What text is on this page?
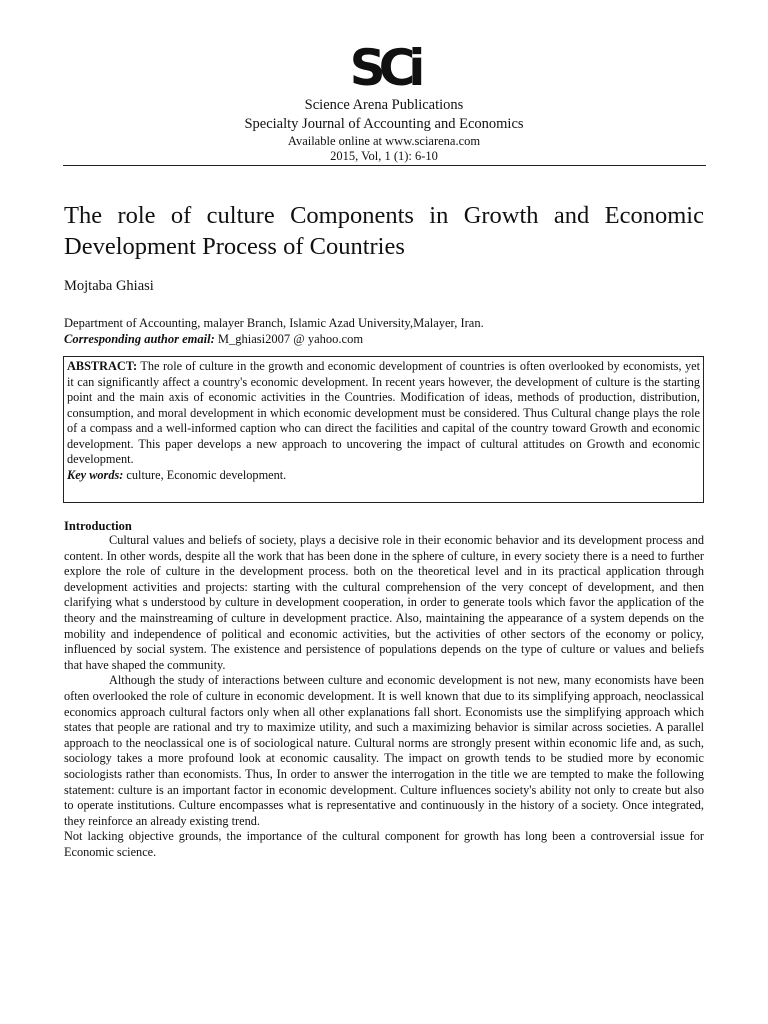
SCi
Science Arena Publications
Specialty Journal of Accounting and Economics
Available online at www.sciarena.com
2015, Vol, 1 (1): 6-10
The role of culture Components in Growth and Economic Development Process of Countries
Mojtaba Ghiasi
Department of Accounting, malayer Branch, Islamic Azad University,Malayer, Iran.
Corresponding author email: M_ghiasi2007 @ yahoo.com
ABSTRACT: The role of culture in the growth and economic development of countries is often overlooked by economists, yet it can significantly affect a country's economic development. In recent years however, the development of culture is the starting point and the main axis of economic activities in the Countries. Modification of ideas, methods of production, distribution, consumption, and moral development in which economic development must be considered. Thus Cultural change plays the role of a compass and a well-informed caption who can direct the facilities and capital of the country toward Growth and economic development. This paper develops a new approach to uncovering the impact of cultural attitudes on Growth and economic development.
Key words: culture, Economic development.
Introduction

Cultural values and beliefs of society, plays a decisive role in their economic behavior and its development process and content. In other words, despite all the work that has been done in the sphere of culture, in every society there is a need to further explore the role of culture in the development process. both on the theoretical level and in its practical application through development activities and projects: starting with the cultural comprehension of the very concept of development, and then clarifying what s understood by culture in development cooperation, in order to generate tools which favor the application of the theory and the mainstreaming of culture in development practice. Also, maintaining the appearance of a system depends on the mobility and independence of political and economic activities, but the activities of other sectors of the economy or policy, influenced by social system. The existence and persistence of populations depends on the type of culture or values and beliefs that have shaped the community.

Although the study of interactions between culture and economic development is not new, many economists have been often overlooked the role of culture in economic development. It is well known that due to its simplifying approach, neoclassical economics approach cultural factors only when all other explanations fall short. Economists use the simplifying approach which states that people are rational and try to maximize utility, and such a maximizing behavior is similar across societies. A parallel approach to the neoclassical one is of sociological nature. Cultural norms are strongly present within economic life and, as such, sociology takes a more profound look at economic causality. The impact on growth tends to be studied more by economic sociologists rather than economists. Thus, In order to answer the interrogation in the title we are tempted to make the following statement: culture is an important factor in economic development. Culture influences society's ability not only to create but also to operate institutions. Culture encompasses what is representative and continuously in the history of a society. Once integrated, they reinforce an already existing trend.

Not lacking objective grounds, the importance of the cultural component for growth has long been a controversial issue for Economic science.
